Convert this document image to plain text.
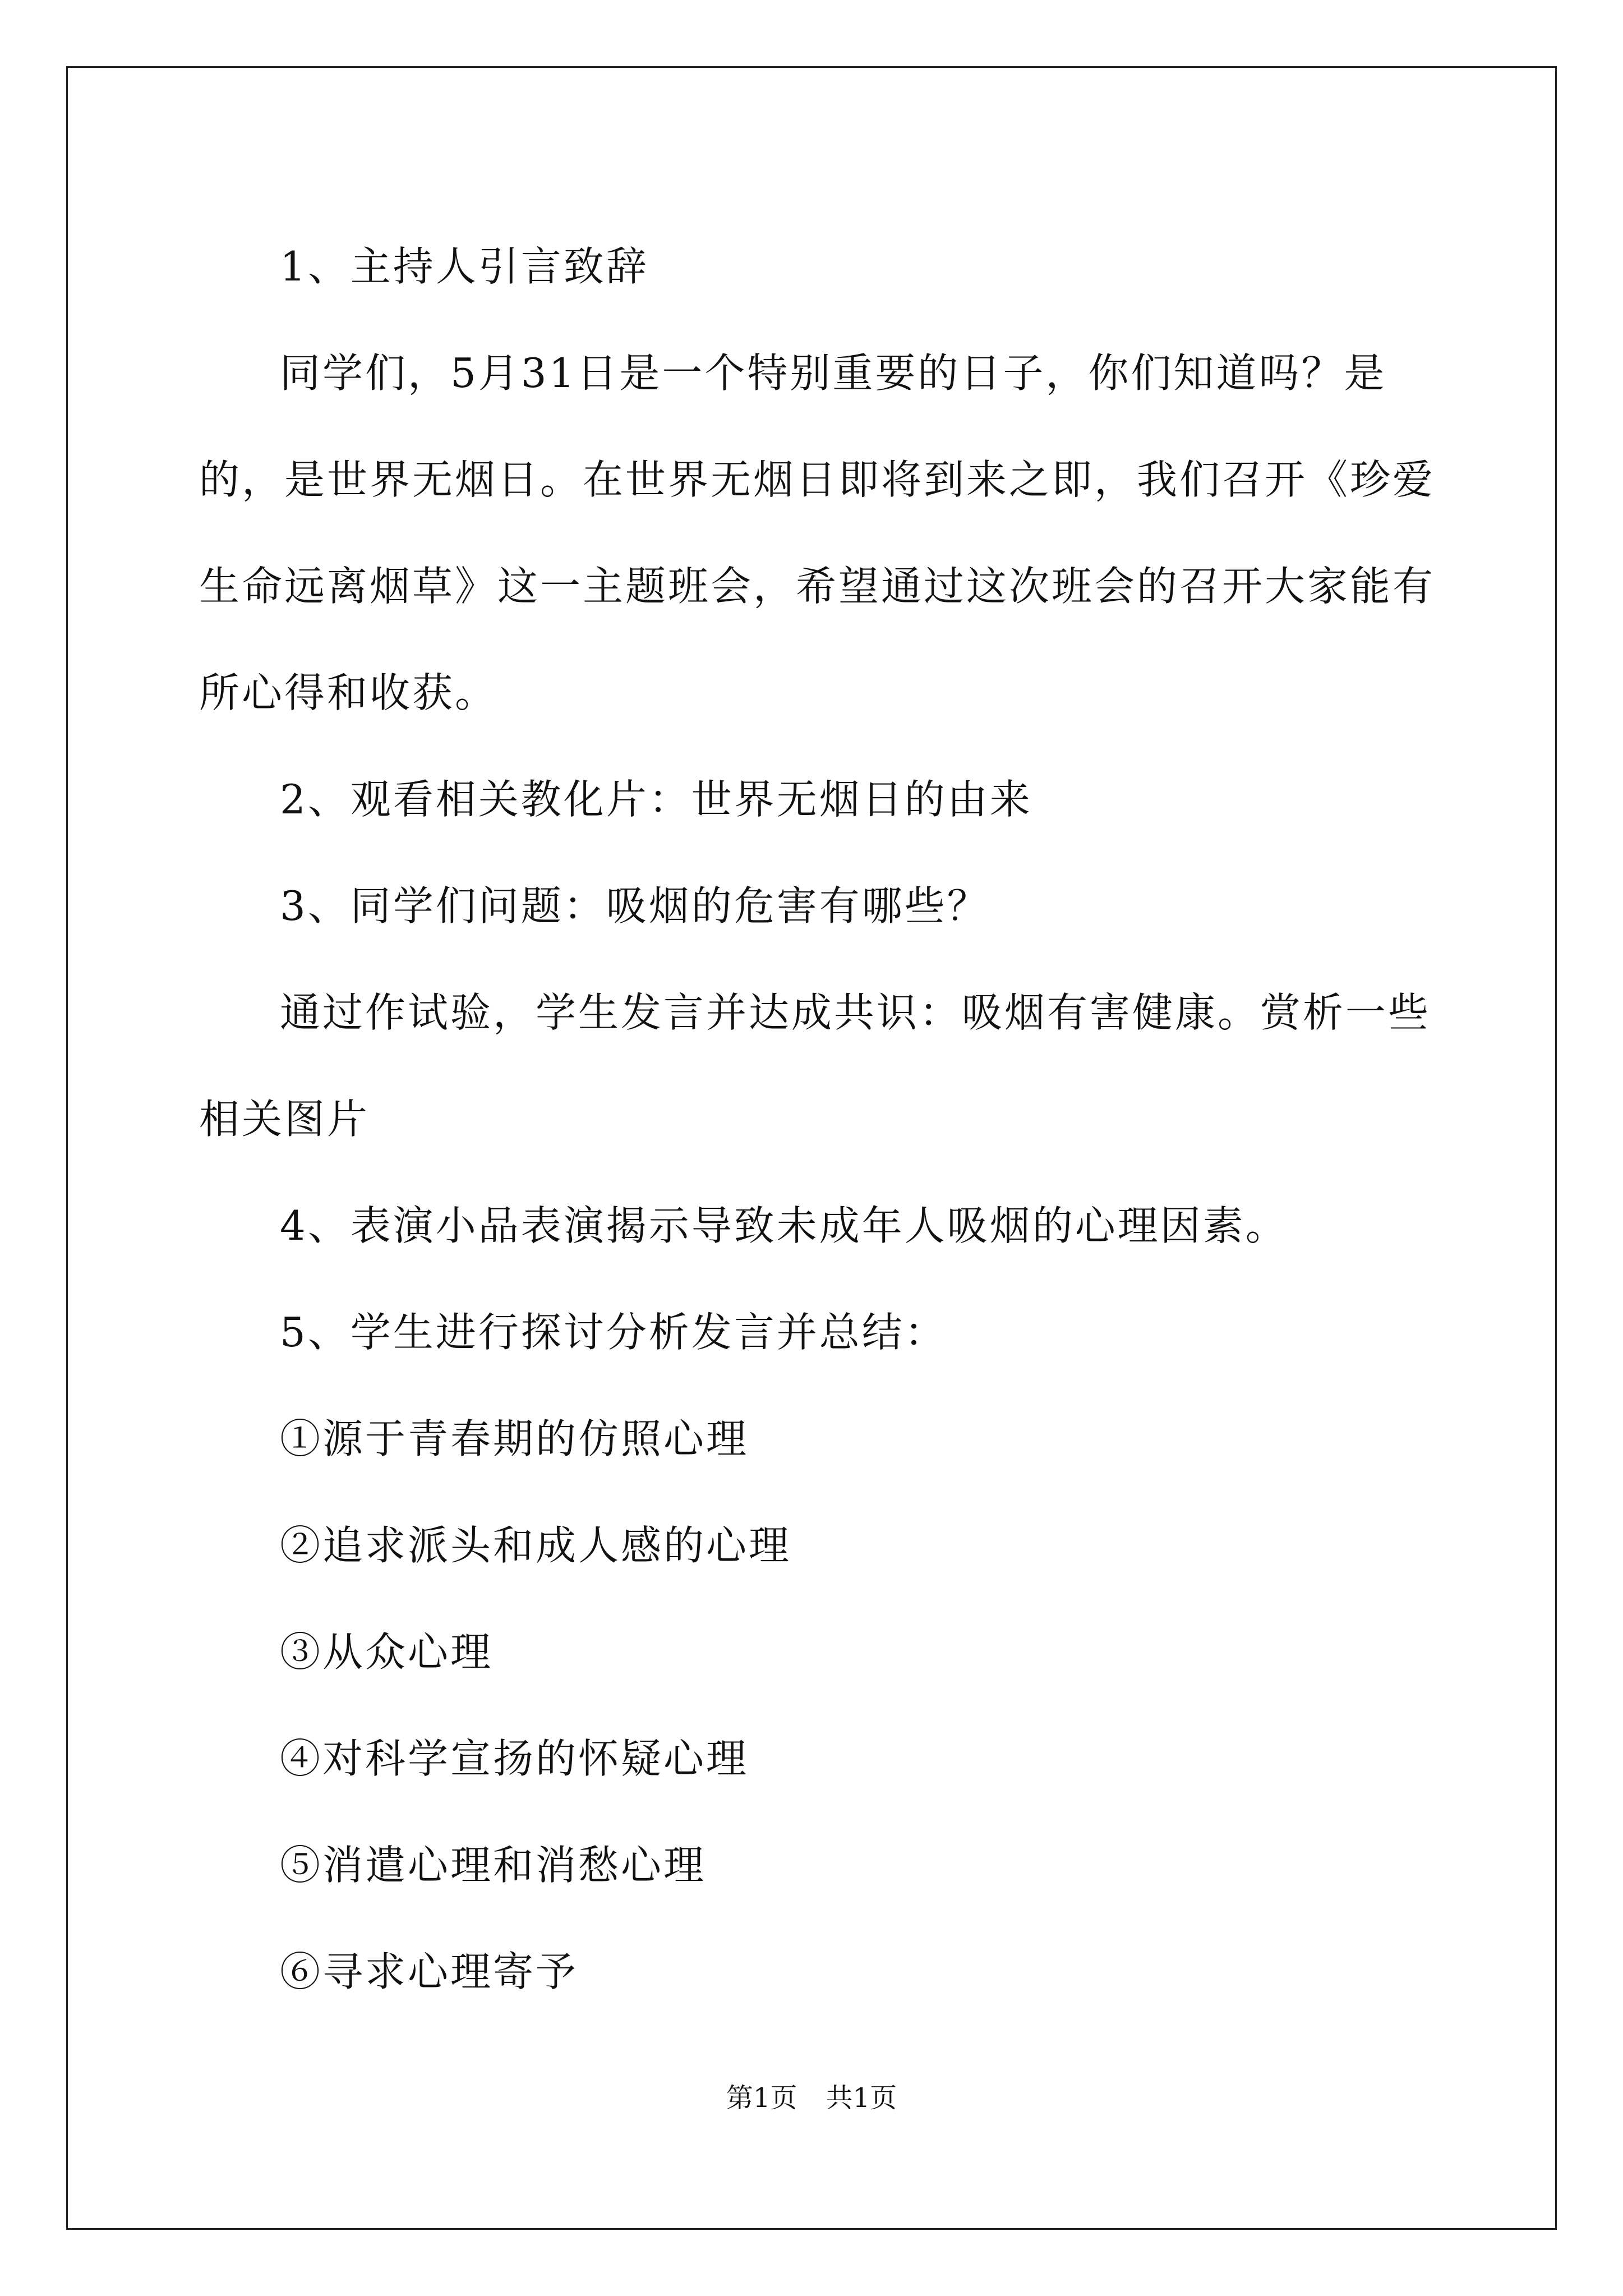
1、主持人引言致辞

同学们，5月31日是一个特别重要的日子，你们知道吗？是的，是世界无烟日。在世界无烟日即将到来之即，我们召开《珍爱生命远离烟草》这一主题班会，希望通过这次班会的召开大家能有所心得和收获。

2、观看相关教化片：世界无烟日的由来

3、同学们问题：吸烟的危害有哪些？

通过作试验，学生发言并达成共识：吸烟有害健康。赏析一些相关图片

4、表演小品表演揭示导致未成年人吸烟的心理因素。

5、学生进行探讨分析发言并总结：

①源于青春期的仿照心理

②追求派头和成人感的心理

③从众心理

④对科学宣扬的怀疑心理

⑤消遣心理和消愁心理

⑥寻求心理寄予

第1页 共1页
